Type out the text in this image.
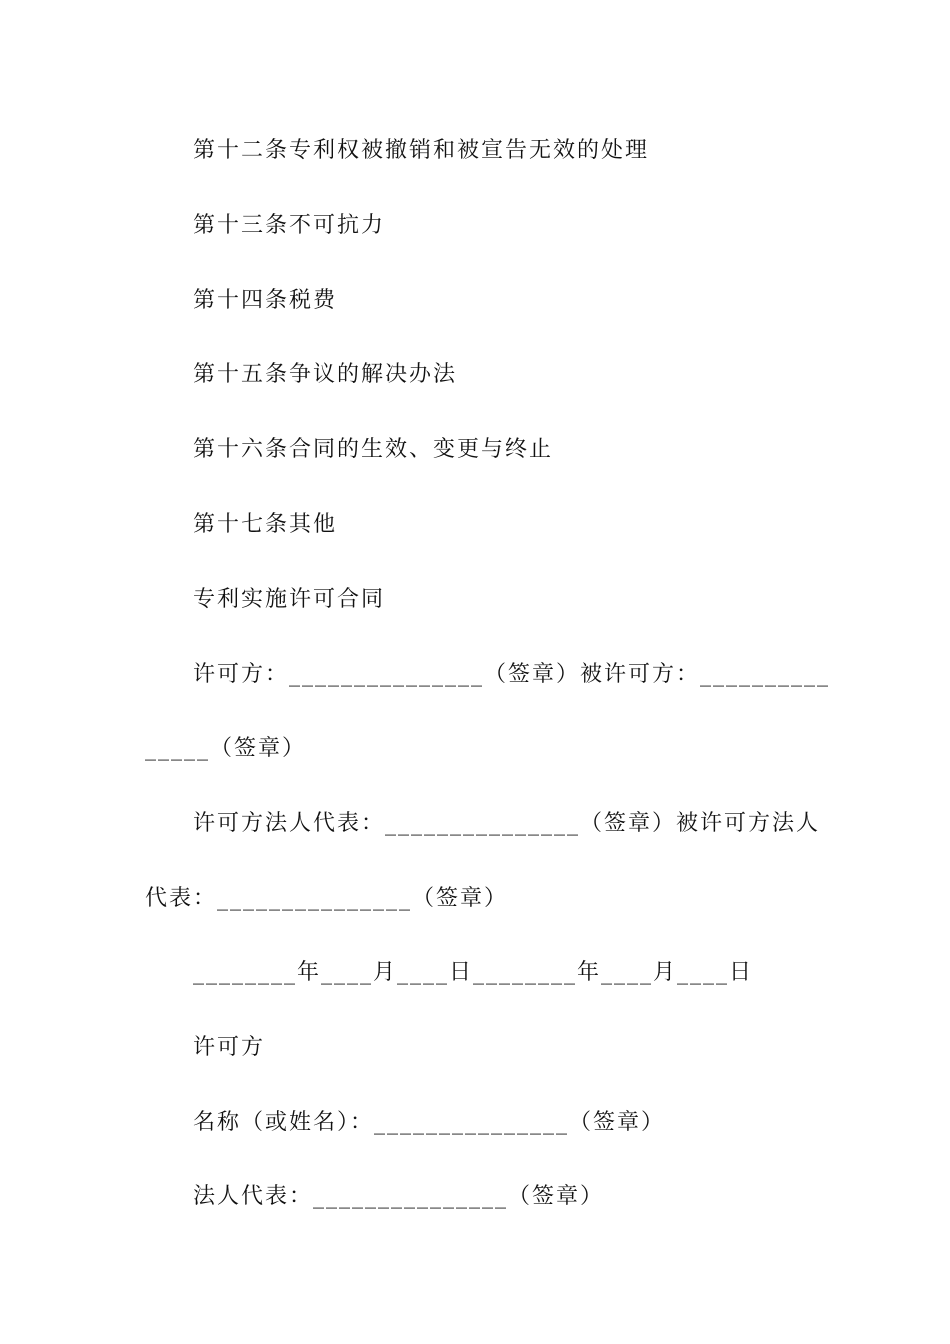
第十二条专利权被撤销和被宣告无效的处理
第十三条不可抗力
第十四条税费
第十五条争议的解决办法
第十六条合同的生效、变更与终止
第十七条其他
专利实施许可合同
许可方：_______________（签章）被许可方：__________
_____（签章）
许可方法人代表：_______________（签章）被许可方法人
代表：_______________（签章）
________年____月____日________年____月____日
许可方
名称（或姓名）：_______________（签章）
法人代表：_______________（签章）
